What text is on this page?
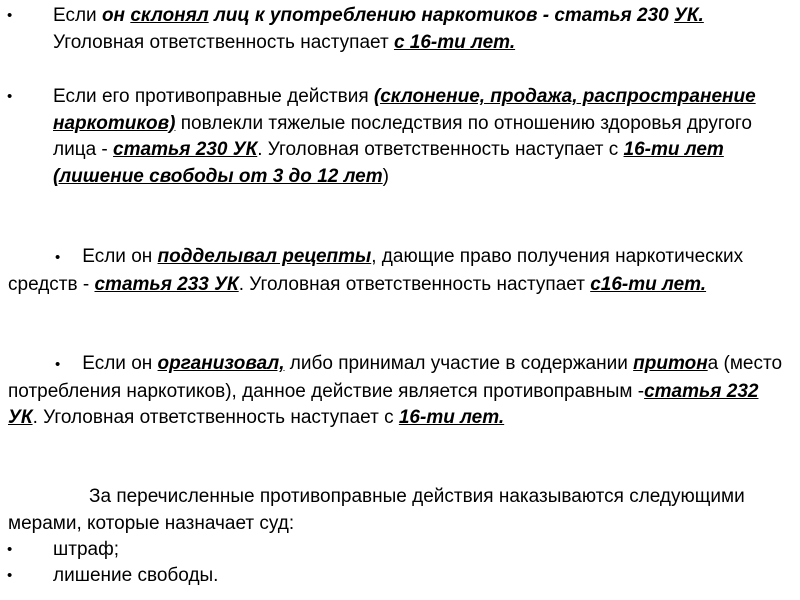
• Если он склонял лиц к употреблению наркотиков - статья 230 УК. Уголовная ответственность наступает с 16-ти лет.

• Если его противоправные действия (склонение, продажа, распространение наркотиков) повлекли тяжелые последствия по отношению здоровья другого лица - статья 230 УК. Уголовная ответственность наступает с 16-ти лет (лишение свободы от 3 до 12 лет)

• Если он подделывал рецепты, дающие право получения наркотических средств - статья 233 УК. Уголовная ответственность наступает с16-ти лет.

• Если он организовал, либо принимал участие в содержании притона (место потребления наркотиков), данное действие является противоправным -статья 232 УК. Уголовная ответственность наступает с 16-ти лет.

За перечисленные противоправные действия наказываются следующими мерами, которые назначает суд:

• штраф;

• лишение свободы.
